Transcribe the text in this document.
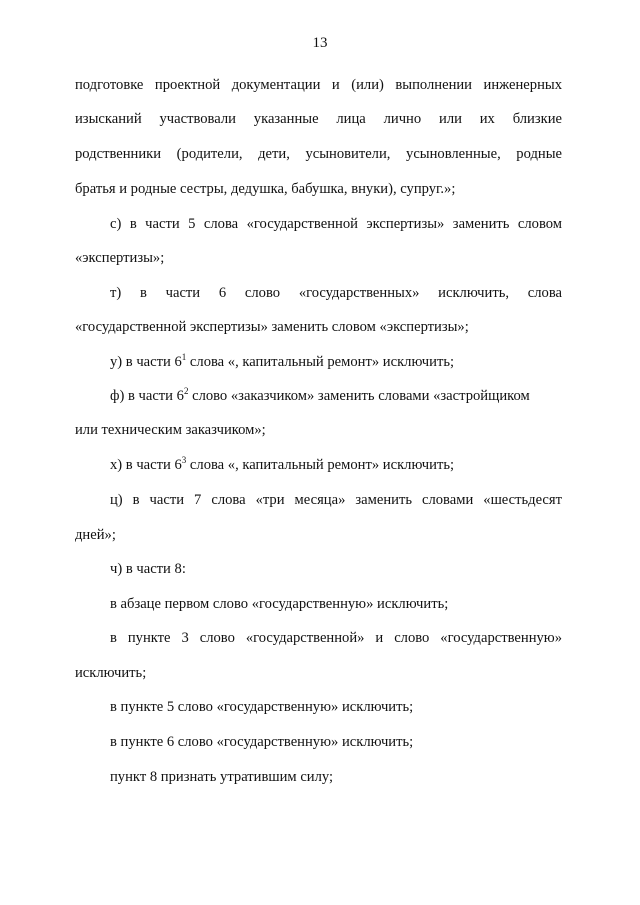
13
подготовке проектной документации и (или) выполнении инженерных
изысканий участвовали указанные лица лично или их близкие
родственники (родители, дети, усыновители, усыновленные, родные
братья и родные сестры, дедушка, бабушка, внуки), супруг.»;
с) в части 5 слова «государственной экспертизы» заменить словом
«экспертизы»;
т) в части 6 слово «государственных» исключить, слова
«государственной экспертизы» заменить словом «экспертизы»;
у) в части $6^1$ слова «, капитальный ремонт» исключить;
ф) в части $6^2$ слово «заказчиком» заменить словами «застройщиком
или техническим заказчиком»;
х) в части $6^3$ слова «, капитальный ремонт» исключить;
ц) в части 7 слова «три месяца» заменить словами «шестьдесят
дней»;
ч) в части 8:
в абзаце первом слово «государственную» исключить;
в пункте 3 слово «государственной» и слово «государственную»
исключить;
в пункте 5 слово «государственную» исключить;
в пункте 6 слово «государственную» исключить;
пункт 8 признать утратившим силу;
